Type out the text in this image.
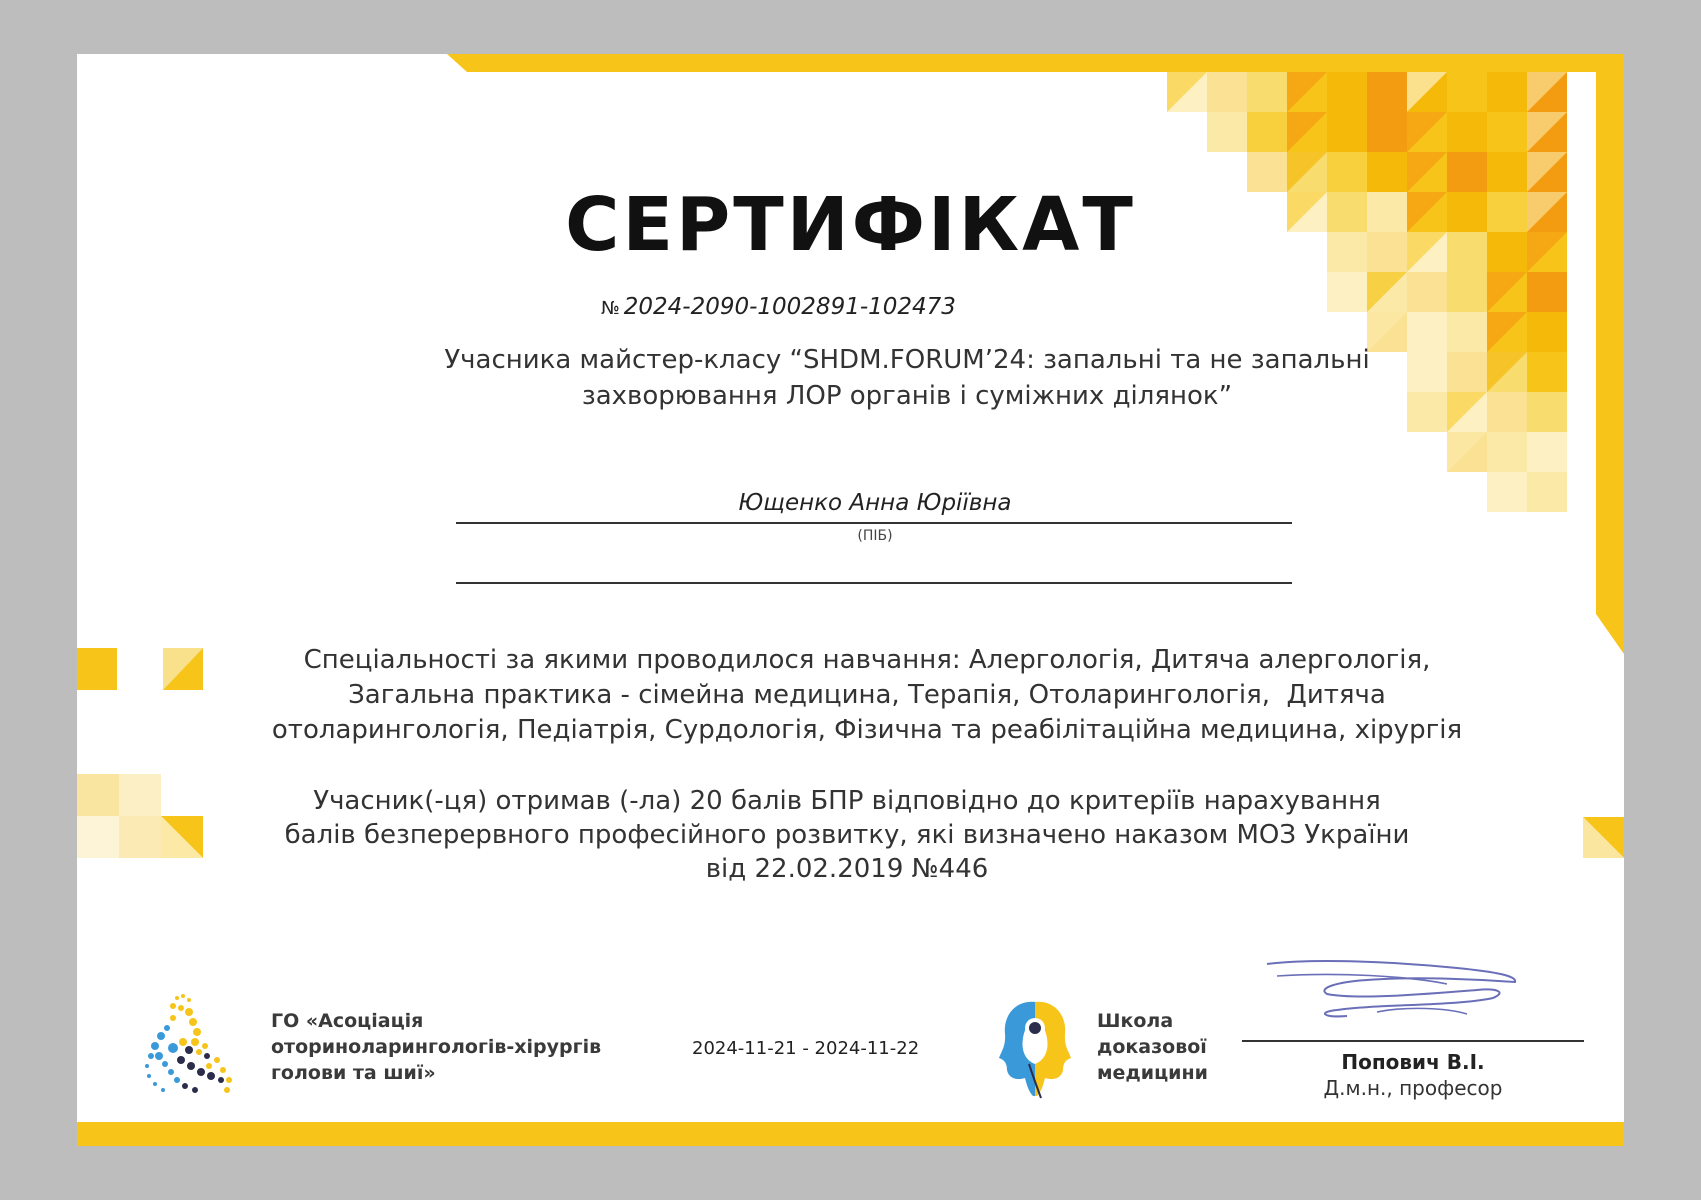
СЕРТИФІКАТ
№ 2024-2090-1002891-102473
Учасника майстер-класу “SHDM.FORUM’24: запальні та не запальні
захворювання ЛОР органів і суміжних ділянок”
Ющенко Анна Юріївна
(ПІБ)
Спеціальності за якими проводилося навчання: Алергологія, Дитяча алергологія,
Загальна практика - сімейна медицина, Терапія, Отоларингологія,  Дитяча
отоларингологія, Педіатрія, Сурдологія, Фізична та реабілітаційна медицина, хірургія
Учасник(-ця) отримав (-ла) 20 балів БПР відповідно до критеріїв нарахування
балів безперервного професійного розвитку, які визначено наказом МОЗ України
від 22.02.2019 №446
ГО «Асоціація
оториноларингологів-хірургів
голови та шиї»
2024-11-21 - 2024-11-22
Школа
доказової
медицини	Попович В.І.
Д.м.н., професор
